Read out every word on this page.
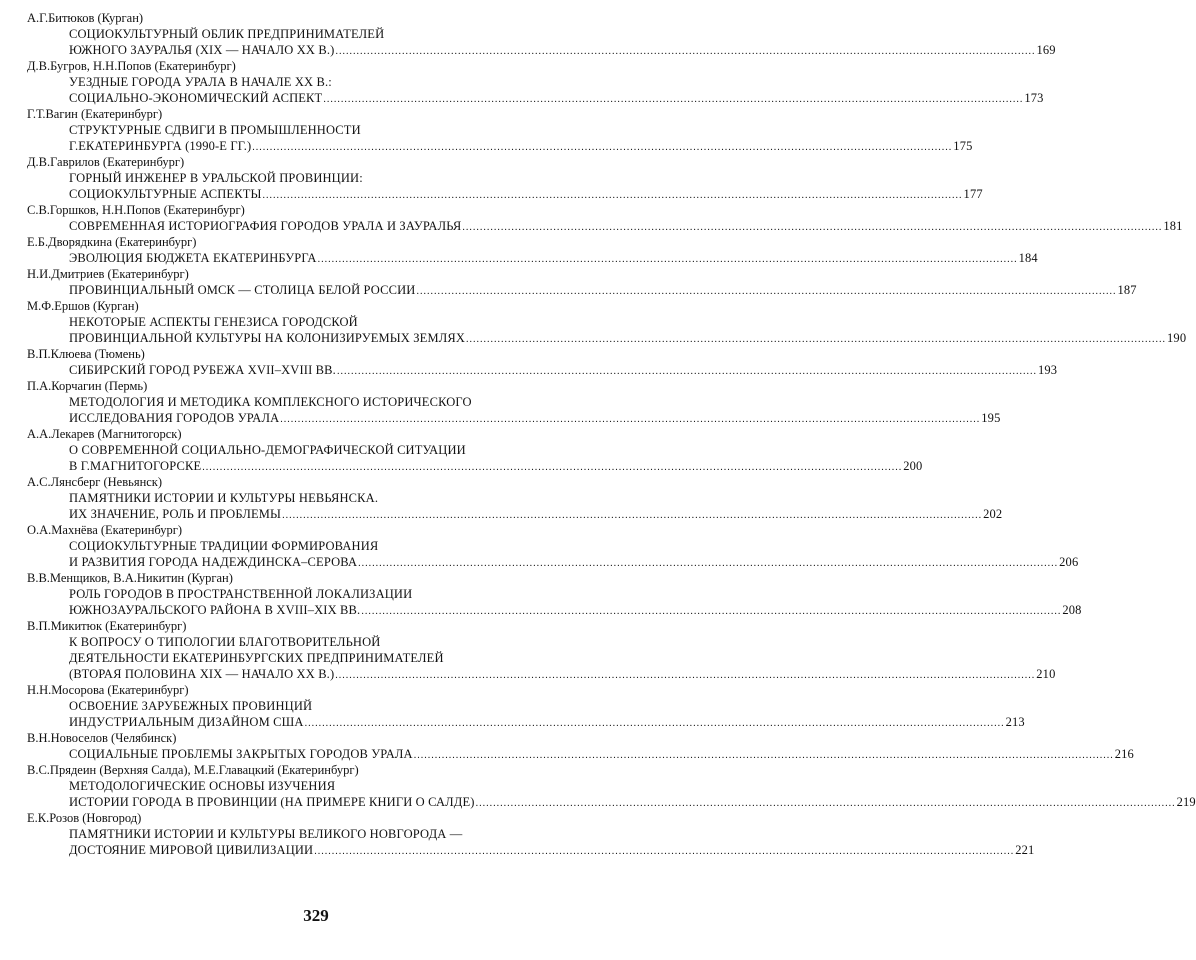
А.Г.Битюков (Курган)
СОЦИОКУЛЬТУРНЫЙ ОБЛИК ПРЕДПРИНИМАТЕЛЕЙ
ЮЖНОГО ЗАУРАЛЬЯ (XIX — НАЧАЛО XX В.) ........................................................................................................................................................................................................ 169
Д.В.Бугров, Н.Н.Попов (Екатеринбург)
УЕЗДНЫЕ ГОРОДА УРАЛА В НАЧАЛЕ XX В.:
СОЦИАЛЬНО-ЭКОНОМИЧЕСКИЙ АСПЕКТ ........................................................................................................................................................................................................ 173
Г.Т.Вагин (Екатеринбург)
СТРУКТУРНЫЕ СДВИГИ В ПРОМЫШЛЕННОСТИ
Г.ЕКАТЕРИНБУРГА (1990-Е ГГ.) ........................................................................................................................................................................................................ 175
Д.В.Гаврилов (Екатеринбург)
ГОРНЫЙ ИНЖЕНЕР В УРАЛЬСКОЙ ПРОВИНЦИИ:
СОЦИОКУЛЬТУРНЫЕ АСПЕКТЫ ........................................................................................................................................................................................................ 177
С.В.Горшков, Н.Н.Попов (Екатеринбург)
СОВРЕМЕННАЯ ИСТОРИОГРАФИЯ ГОРОДОВ УРАЛА И ЗАУРАЛЬЯ ........................................................................................................................................................................................................ 181
Е.Б.Дворядкина (Екатеринбург)
ЭВОЛЮЦИЯ БЮДЖЕТА ЕКАТЕРИНБУРГА ........................................................................................................................................................................................................ 184
Н.И.Дмитриев (Екатеринбург)
ПРОВИНЦИАЛЬНЫЙ ОМСК — СТОЛИЦА БЕЛОЙ РОССИИ ........................................................................................................................................................................................................ 187
М.Ф.Ершов (Курган)
НЕКОТОРЫЕ АСПЕКТЫ ГЕНЕЗИСА ГОРОДСКОЙ
ПРОВИНЦИАЛЬНОЙ КУЛЬТУРЫ НА КОЛОНИЗИРУЕМЫХ ЗЕМЛЯХ ........................................................................................................................................................................................................ 190
В.П.Клюева (Тюмень)
СИБИРСКИЙ ГОРОД РУБЕЖА XVII–XVIII ВВ. ........................................................................................................................................................................................................ 193
П.А.Корчагин (Пермь)
МЕТОДОЛОГИЯ И МЕТОДИКА КОМПЛЕКСНОГО ИСТОРИЧЕСКОГО
ИССЛЕДОВАНИЯ ГОРОДОВ УРАЛА ........................................................................................................................................................................................................ 195
А.А.Лекарев (Магнитогорск)
О СОВРЕМЕННОЙ СОЦИАЛЬНО-ДЕМОГРАФИЧЕСКОЙ СИТУАЦИИ
В Г.МАГНИТОГОРСКЕ ........................................................................................................................................................................................................ 200
А.С.Лянсберг (Невьянск)
ПАМЯТНИКИ ИСТОРИИ И КУЛЬТУРЫ НЕВЬЯНСКА.
ИХ ЗНАЧЕНИЕ, РОЛЬ И ПРОБЛЕМЫ ........................................................................................................................................................................................................ 202
О.А.Махнёва (Екатеринбург)
СОЦИОКУЛЬТУРНЫЕ ТРАДИЦИИ ФОРМИРОВАНИЯ
И РАЗВИТИЯ ГОРОДА НАДЕЖДИНСКА–СЕРОВА ........................................................................................................................................................................................................ 206
В.В.Менщиков, В.А.Никитин (Курган)
РОЛЬ ГОРОДОВ В ПРОСТРАНСТВЕННОЙ ЛОКАЛИЗАЦИИ
ЮЖНОЗАУРАЛЬСКОГО РАЙОНА В XVIII–XIX ВВ. ........................................................................................................................................................................................................ 208
В.П.Микитюк (Екатеринбург)
К ВОПРОСУ О ТИПОЛОГИИ БЛАГОТВОРИТЕЛЬНОЙ
ДЕЯТЕЛЬНОСТИ ЕКАТЕРИНБУРГСКИХ ПРЕДПРИНИМАТЕЛЕЙ
(ВТОРАЯ ПОЛОВИНА XIX — НАЧАЛО XX В.) ........................................................................................................................................................................................................ 210
Н.Н.Мосорова (Екатеринбург)
ОСВОЕНИЕ ЗАРУБЕЖНЫХ ПРОВИНЦИЙ
ИНДУСТРИАЛЬНЫМ ДИЗАЙНОМ США ........................................................................................................................................................................................................ 213
В.Н.Новоселов (Челябинск)
СОЦИАЛЬНЫЕ ПРОБЛЕМЫ ЗАКРЫТЫХ ГОРОДОВ УРАЛА ........................................................................................................................................................................................................ 216
В.С.Прядеин (Верхняя Салда), М.Е.Главацкий (Екатеринбург)
МЕТОДОЛОГИЧЕСКИЕ ОСНОВЫ ИЗУЧЕНИЯ
ИСТОРИИ ГОРОДА В ПРОВИНЦИИ (НА ПРИМЕРЕ КНИГИ О САЛДЕ) ........................................................................................................................................................................................................ 219
Е.К.Розов (Новгород)
ПАМЯТНИКИ ИСТОРИИ И КУЛЬТУРЫ ВЕЛИКОГО НОВГОРОДА —
ДОСТОЯНИЕ МИРОВОЙ ЦИВИЛИЗАЦИИ ........................................................................................................................................................................................................ 221
329
